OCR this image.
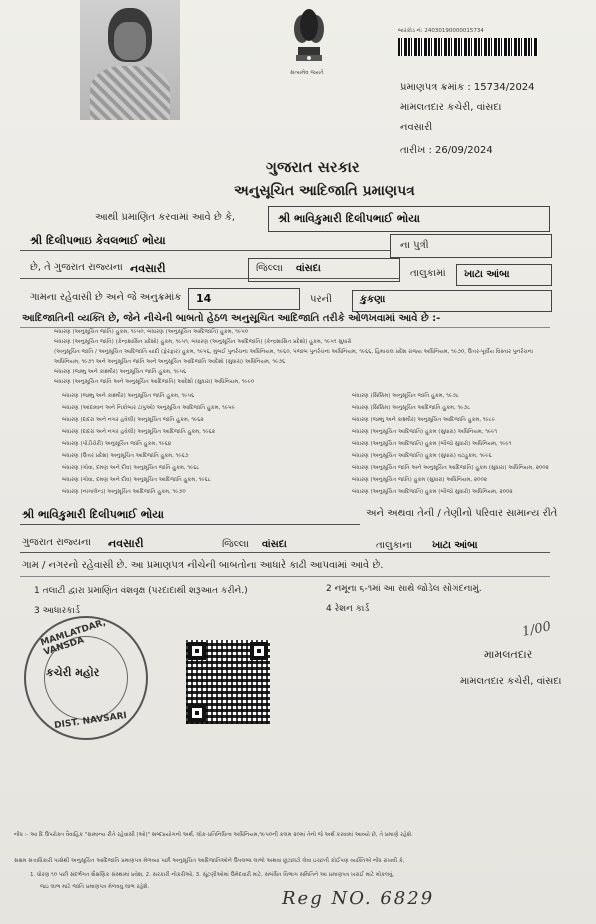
સત્યમેવ જયતે
બારકોડ નં: 24030190000015734
પ્રમાણપત્ર ક્રમાંક : 15734/2024
મામલતદાર કચેરી, વાંસદા
નવસારી
તારીખ : 26/09/2024
ગુજરાત સરકાર
અનુસૂચિત આદિજાતિ પ્રમાણપત્ર
આથી પ્રમાણિત કરવામાં આવે છે કે,	શ્રી ભાવિકુમારી દિલીપભાઈ ભોયા
શ્રી દિલીપભાઇ કેવલભાઈ ભોયા	ના પુત્રી
છે, તે ગુજરાત રાજ્યના નવસારી	જિલ્લા વાંસદા	તાલુકામાં ખાટા આંબા
ગામના રહેવાસી છે અને જે અનુક્રમાંક 14	પરની	કુકણા
આદિજાતિની વ્યક્તિ છે, જેને નીચેની બાબતો હેઠળ અનુસૂચિત આદિજાતિ તરીકે ઓળખવામાં આવે છે :-
બંધારણ (અનુસૂચિત જાતિ) હુકમ, ૧૯૫૦, બંધારણ (અનુસૂચિત આદિજાતિ) હુકમ, ૧૯૫૦
બંધારણ (અનુસૂચિત જાતિ) (કેન્દ્રશાસિત પ્રદેશો) હુકમ, ૧૯૫૧, બંધારણ (અનુસૂચિત આદિજાતિ) (કેન્દ્રશાસિત પ્રદેશો) હુકમ, ૧૯૫૧ સુધારો
(અનુસૂચિત જાતિ / અનુસૂચિત આદિજાતિ યાદી (ફેરફાર) હુકમ, ૧૯૫૬, મુંબઈ પુનર્રચના અધિનિયમ, ૧૯૬૦, પંજાબ પુનર્રચના અધિનિયમ, ૧૯૬૬, હિમાચલ પ્રદેશ રાજ્ય અધિનિયમ, ૧૯૭૦, ઉત્તર-પૂર્વીય વિસ્તાર પુનર્રચના
અધિનિયમ, ૧૯૭૧ અને અનુસૂચિત જાતિ અને અનુસૂચિત આદિજાતિ આદેશો (સુધારા) અધિનિયમ, ૧૯૭૬
બંધારણ (જમ્મુ અને કાશ્મીર) અનુસૂચિત જાતિ હુકમ, ૧૯૫૬
બંધારણ (અનુસૂચિત જાતિ અને અનુસૂચિત આદિજાતિ) આદેશો (સુધારા) અધિનિયમ, ૧૯૯૦
બંધારણ (જમ્મુ અને કાશ્મીર) અનુસૂચિત જાતિ હુકમ, ૧૯૫૬
બંધારણ (આંદામાન અને નિકોબાર ટાપુઓ) અનુસૂચિત આદિજાતિ હુકમ, ૧૯૫૯
બંધારણ (દાદરા અને નગર હવેલી) અનુસૂચિત જાતિ હુકમ, ૧૯૬૨
બંધારણ (દાદરા અને નગર હવેલી) અનુસૂચિત આદિજાતિ હુકમ, ૧૯૬૨
બંધારણ (પોંડીચેરી) અનુસૂચિત જાતિ હુકમ, ૧૯૬૪
બંધારણ (ઉત્તર પ્રદેશ) અનુસૂચિત આદિજાતિ હુકમ, ૧૯૬૭
બંધારણ (ગોવા, દમણ અને દીવ) અનુસૂચિત જાતિ હુકમ, ૧૯૬૮
બંધારણ (ગોવા, દમણ અને દીવ) અનુસૂચિત આદિજાતિ હુકમ, ૧૯૬૮
બંધારણ (નાગાલેન્ડ) અનુસૂચિત આદિજાતિ હુકમ, ૧૯૭૦
બંધારણ (સિક્કિમ) અનુસૂચિત જાતિ હુકમ, ૧૯૭૮
બંધારણ (સિક્કિમ) અનુસૂચિત આદિજાતિ હુકમ, ૧૯૭૮
બંધારણ (જમ્મુ અને કાશ્મીર) અનુસૂચિત આદિજાતિ હુકમ, ૧૯૮૯
બંધારણ (અનુસૂચિત આદિજાતિ) હુકમ (સુધારા) અધિનિયમ, ૧૯૯૧
બંધારણ (અનુસૂચિત આદિજાતિ) હુકમ (બીજો સુધારો) અધિનિયમ, ૧૯૯૧
બંધારણ (અનુસૂચિત આદિજાતિ) હુકમ (સુધારા) વટહુકમ, ૧૯૯૬
બંધારણ (અનુસૂચિત જાતિ અને અનુસૂચિત આદિજાતિ) હુકમ (સુધારા) અધિનિયમ, ૨૦૦૨
બંધારણ (અનુસૂચિત જાતિ) હુકમ (સુધારા) અધિનિયમ, ૨૦૦૨
બંધારણ (અનુસૂચિત આદિજાતિ) હુકમ (બીજો સુધારો) અધિનિયમ, ૨૦૦૨
શ્રી ભાવિકુમારી દિલીપભાઈ ભોયા	અને અથવા તેની / તેણીનો પરિવાર સામાન્ય રીતે
ગુજરાત રાજ્યના નવસારી	જિલ્લા વાંસદા	તાલુકાના ખાટા આંબા
ગામ / નગરનો રહેવાસી છે. આ પ્રમાણપત્ર નીચેની બાબતોના આધારે કાઢી આપવામાં આવે છે.
1 તલાટી દ્વારા પ્રમાણિત વંશવૃક્ષ (પરદાદાથી શરૂઆત કરીને.)	2 નમૂના ૬-૧માં આ સાથે જોડેલ સોગંદનામું.
3 આધારકાર્ડ	4 રેશન કાર્ડ
MAMLATDAR, VANSDA
કચેરી મહોર
DIST. NAVSARI
1/00
મામલતદાર
મામલતદાર કચેરી, વાંસદા
નોંધ :- આ દિ ઉપરોક્ત વૈવાહિક "સામાન્ય રીતે રહેવાસી (ઓ)" શબ્દપ્રયોગનો અર્થ, લોક-પ્રતિનિધિત્વ અધિનિયમ,૧૯૫૦ની કલમ ૨૦માં તેનો જે અર્થ કરવામાં આવ્યો છે, તે પ્રમાણે રહેશે.
સક્ષમ સત્તાધિકારી પાસેથી અનુસૂચિત આદિજાતિ પ્રમાણપત્ર મેળવ્યા પછી અનુસૂચિત આદિજાતિઓને ઉપલબ્ધ લાભો અથવા છૂટછાટો લેવા ઇચ્છતી કોઈપણ વ્યક્તિએ નોંધ રાખવી કે,
1. ધોરણ ૧૦ પછી સંદર્ભગત શૈક્ષણિક સંસ્થામાં પ્રવેશ, 2. સરકારી નોકરીઓ, 3. સૂંટણીઓમાં ઉમેદવારી માટે, સંબંધિત વિભાગ સમિતિને આ પ્રમાણપત્ર ખરાઈ માટે મોકલવું.
જઇ લાભ માટે જાતિ પ્રમાણપત્ર મેળવવું લાભ રહેશે.
Reg NO. 6829
